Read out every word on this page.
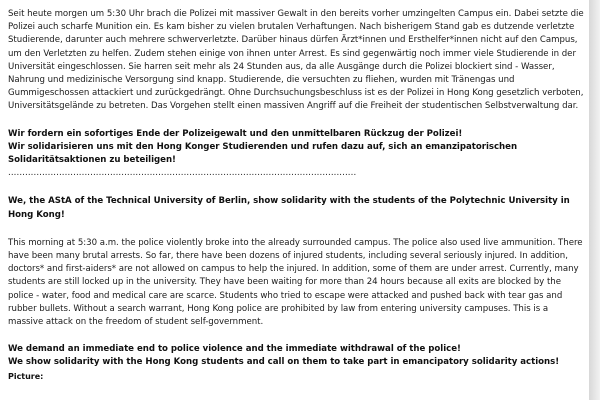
Seit heute morgen um 5:30 Uhr brach die Polizei mit massiver Gewalt in den bereits vorher umzingelten Campus ein. Dabei setzte die Polizei auch scharfe Munition ein. Es kam bisher zu vielen brutalen Verhaftungen. Nach bisherigem Stand gab es dutzende verletzte Studierende, darunter auch mehrere schwerverletzte. Darüber hinaus dürfen Ärzt*innen und Ersthelfer*innen nicht auf den Campus, um den Verletzten zu helfen. Zudem stehen einige von ihnen unter Arrest. Es sind gegenwärtig noch immer viele Studierende in der Universität eingeschlossen. Sie harren seit mehr als 24 Stunden aus, da alle Ausgänge durch die Polizei blockiert sind - Wasser, Nahrung und medizinische Versorgung sind knapp. Studierende, die versuchten zu fliehen, wurden mit Tränengas und Gummigeschossen attackiert und zurückgedrängt. Ohne Durchsuchungsbeschluss ist es der Polizei in Hong Kong gesetzlich verboten, Universitätsgelände zu betreten. Das Vorgehen stellt einen massiven Angriff auf die Freiheit der studentischen Selbstverwaltung dar.

Wir fordern ein sofortiges Ende der Polizeigewalt und den unmittelbaren Rückzug der Polizei!

Wir solidarisieren uns mit den Hong Konger Studierenden und rufen dazu auf, sich an emanzipatorischen Solidaritätsaktionen zu beteiligen!

...........................................................................................................................

We, the AStA of the Technical University of Berlin, show solidarity with the students of the Polytechnic University in Hong Kong!

This morning at 5:30 a.m. the police violently broke into the already surrounded campus. The police also used live ammunition. There have been many brutal arrests. So far, there have been dozens of injured students, including several seriously injured. In addition, doctors* and first-aiders* are not allowed on campus to help the injured. In addition, some of them are under arrest. Currently, many students are still locked up in the university. They have been waiting for more than 24 hours because all exits are blocked by the police - water, food and medical care are scarce. Students who tried to escape were attacked and pushed back with tear gas and rubber bullets. Without a search warrant, Hong Kong police are prohibited by law from entering university campuses. This is a massive attack on the freedom of student self-government.

We demand an immediate end to police violence and the immediate withdrawal of the police!

We show solidarity with the Hong Kong students and call on them to take part in emancipatory solidarity actions!

Picture:
